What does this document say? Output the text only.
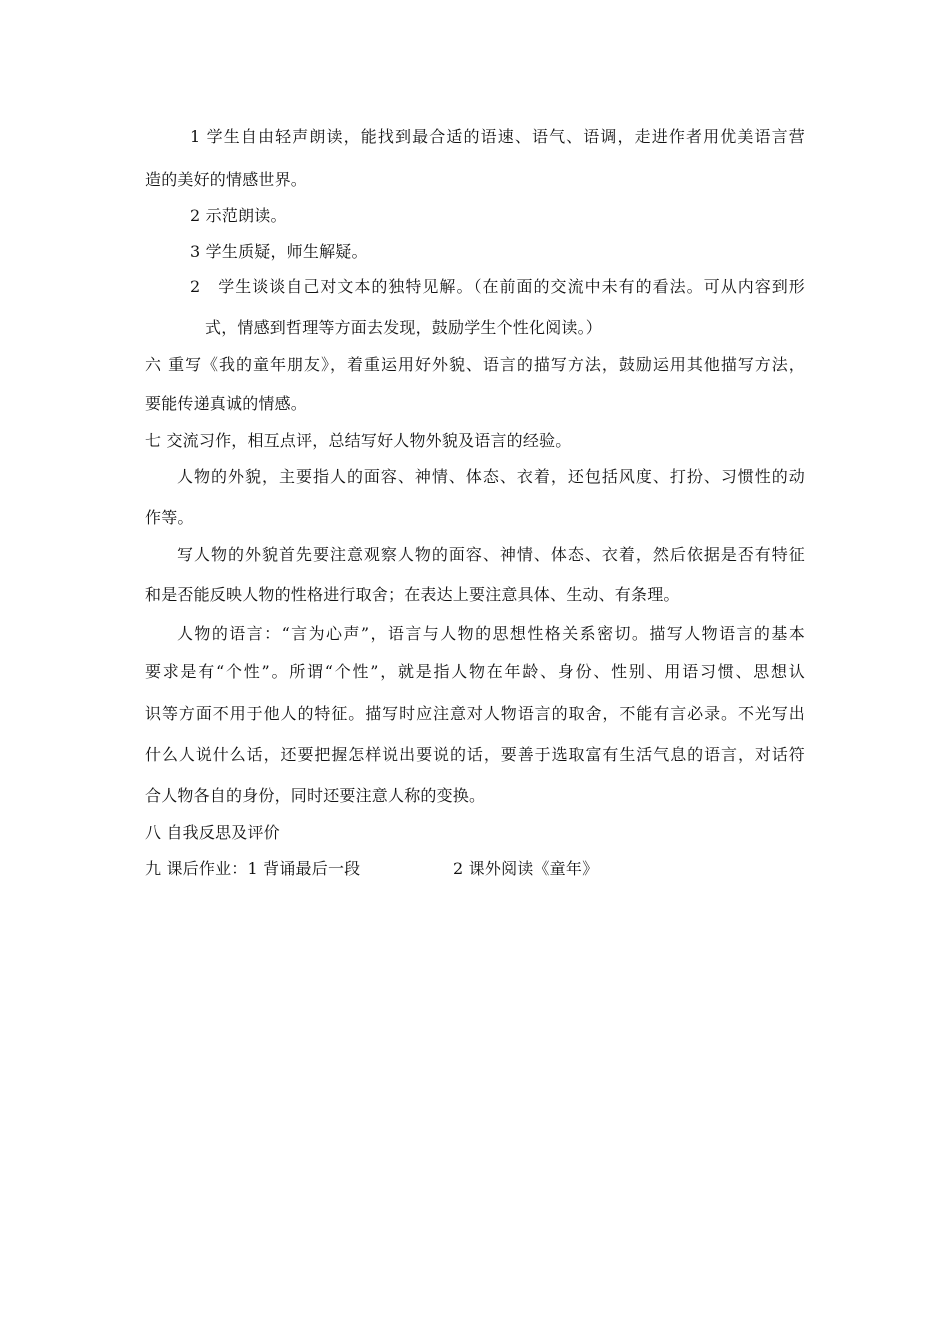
1 学生自由轻声朗读，能找到最合适的语速、语气、语调，走进作者用优美语言营
造的美好的情感世界。
2 示范朗读。
3 学生质疑，师生解疑。
2　学生谈谈自己对文本的独特见解。（在前面的交流中未有的看法。可从内容到形
式，情感到哲理等方面去发现，鼓励学生个性化阅读。）
六 重写《我的童年朋友》，着重运用好外貌、语言的描写方法，鼓励运用其他描写方法，
要能传递真诚的情感。
七 交流习作，相互点评，总结写好人物外貌及语言的经验。
人物的外貌，主要指人的面容、神情、体态、衣着，还包括风度、打扮、习惯性的动
作等。
写人物的外貌首先要注意观察人物的面容、神情、体态、衣着，然后依据是否有特征
和是否能反映人物的性格进行取舍；在表达上要注意具体、生动、有条理。
人物的语言：“言为心声”，语言与人物的思想性格关系密切。描写人物语言的基本
要求是有“个性”。所谓“个性”，就是指人物在年龄、身份、性别、用语习惯、思想认
识等方面不用于他人的特征。描写时应注意对人物语言的取舍，不能有言必录。不光写出
什么人说什么话，还要把握怎样说出要说的话，要善于选取富有生活气息的语言，对话符
合人物各自的身份，同时还要注意人称的变换。
八 自我反思及评价
九 课后作业：1 背诵最后一段	2 课外阅读《童年》
